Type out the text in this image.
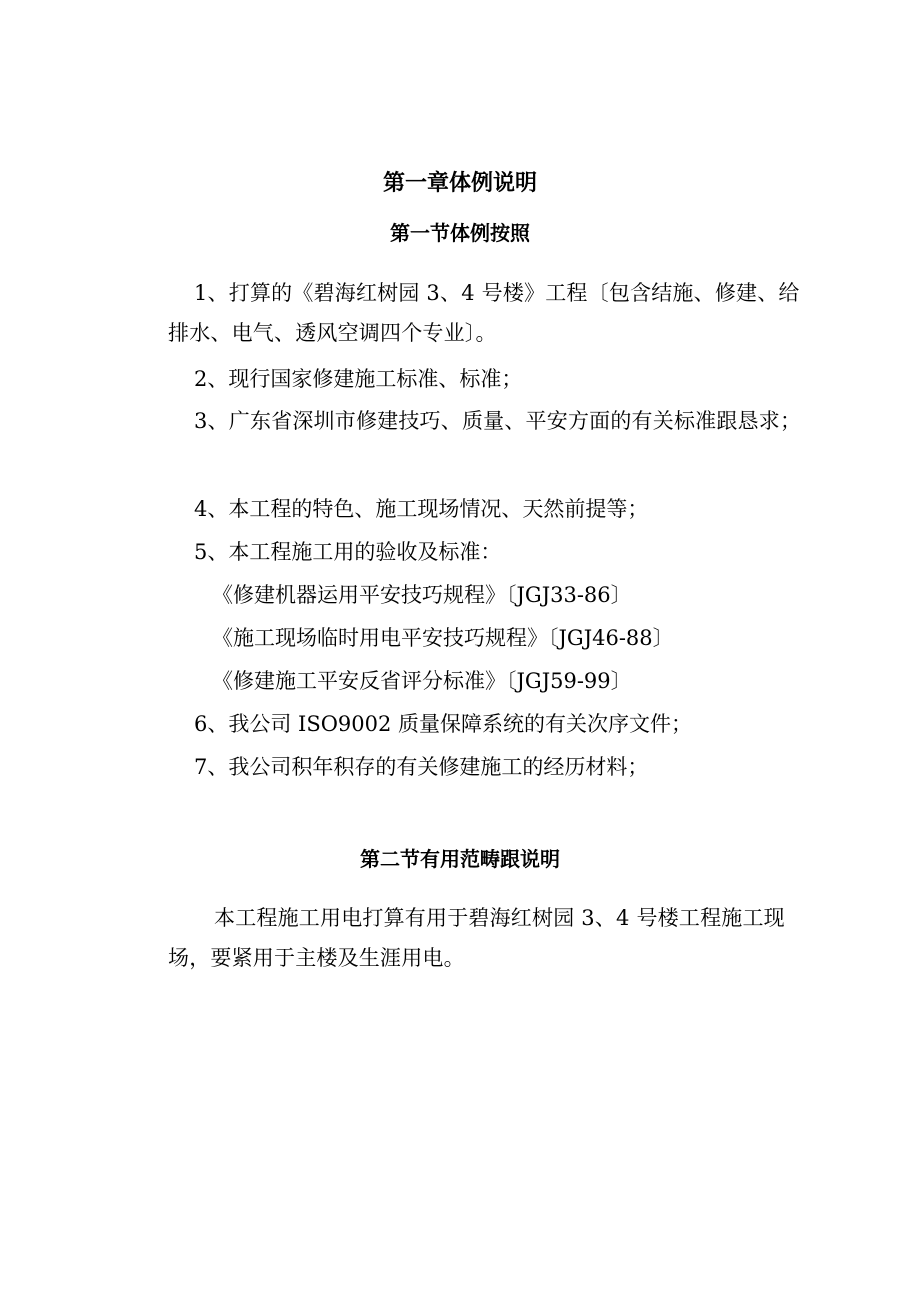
第一章体例说明
第一节体例按照
1、打算的《碧海红树园 3、4 号楼》工程〔包含结施、修建、给排水、电气、透风空调四个专业〕。
2、现行国家修建施工标准、标准；
3、广东省深圳市修建技巧、质量、平安方面的有关标准跟恳求；
4、本工程的特色、施工现场情况、天然前提等；
5、本工程施工用的验收及标准：
《修建机器运用平安技巧规程》〔JGJ33-86〕
《施工现场临时用电平安技巧规程》〔JGJ46-88〕
《修建施工平安反省评分标准》〔JGJ59-99〕
6、我公司 ISO9002 质量保障系统的有关次序文件；
7、我公司积年积存的有关修建施工的经历材料；
第二节有用范畴跟说明
本工程施工用电打算有用于碧海红树园 3、4 号楼工程施工现场，要紧用于主楼及生涯用电。
